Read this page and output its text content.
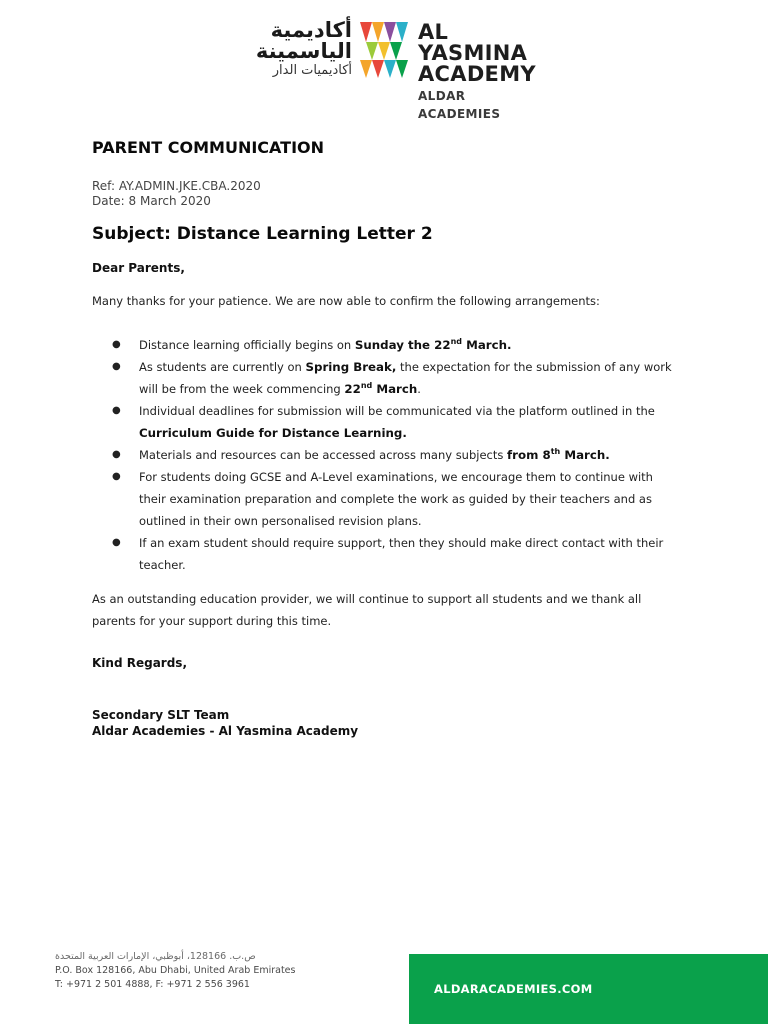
أكاديمية
الياسمينة
أكاديميات الدار
AL YASMINA
ACADEMY
ALDAR ACADEMIES
PARENT COMMUNICATION
Ref: AY.ADMIN.JKE.CBA.2020
Date: 8 March 2020
Subject: Distance Learning Letter 2
Dear Parents,
Many thanks for your patience. We are now able to confirm the following arrangements:
● Distance learning officially begins on Sunday the 22nd March.
● As students are currently on Spring Break, the expectation for the submission of any work
will be from the week commencing 22nd March.
● Individual deadlines for submission will be communicated via the platform outlined in the
Curriculum Guide for Distance Learning.
● Materials and resources can be accessed across many subjects from 8th March.
● For students doing GCSE and A-Level examinations, we encourage them to continue with
their examination preparation and complete the work as guided by their teachers and as
outlined in their own personalised revision plans.
● If an exam student should require support, then they should make direct contact with their
teacher.
As an outstanding education provider, we will continue to support all students and we thank all
parents for your support during this time.
Kind Regards,
Secondary SLT Team
Aldar Academies - Al Yasmina Academy
ص.ب. 128166، أبوظبي، الإمارات العربية المتحدة
P.O. Box 128166, Abu Dhabi, United Arab Emirates
T: +971 2 501 4888, F: +971 2 556 3961	ALDARACADEMIES.COM
